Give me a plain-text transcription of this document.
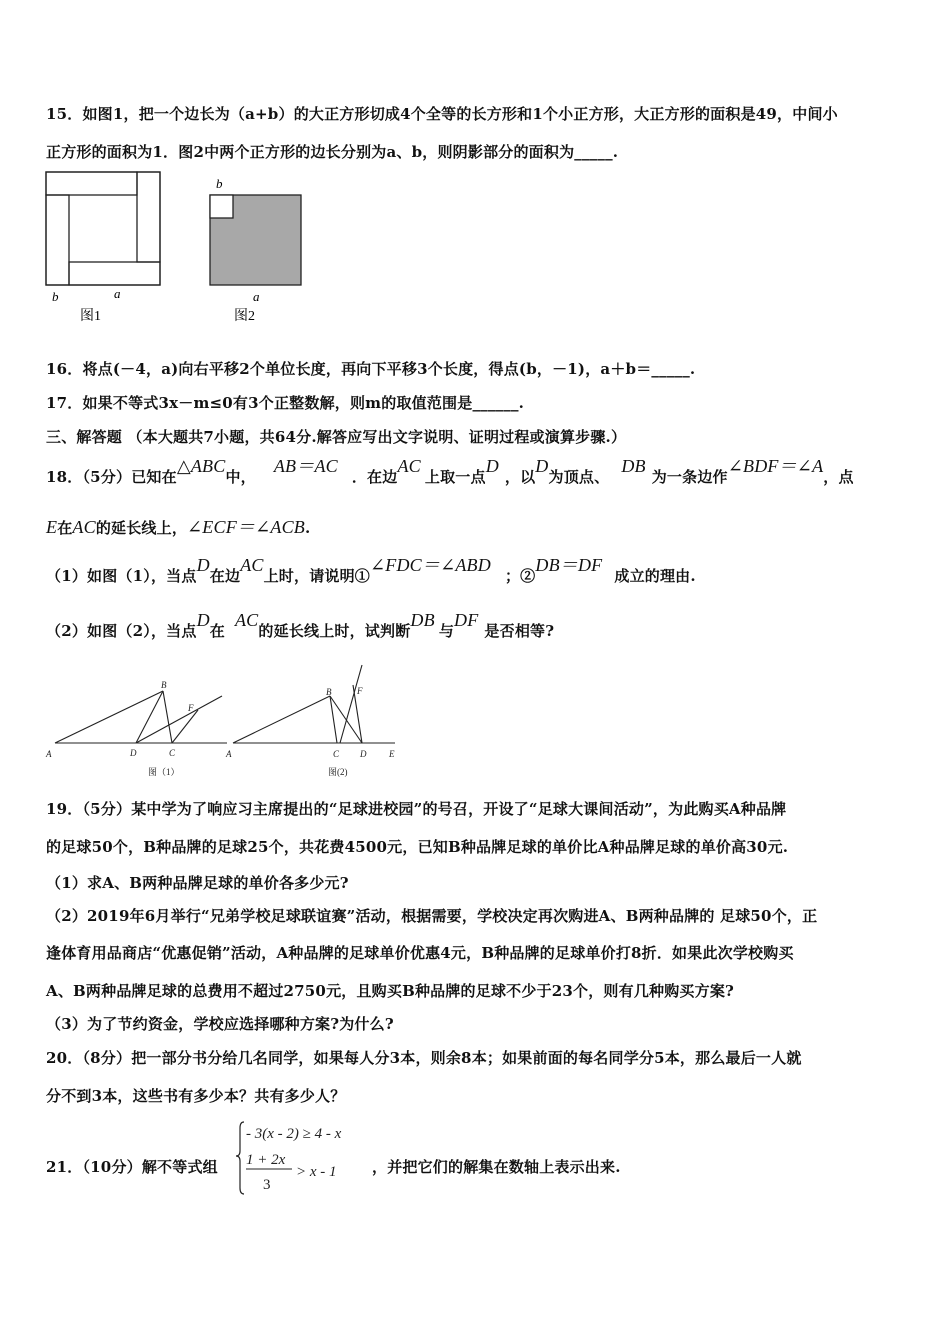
15．如图1，把一个边长为（a+b）的大正方形切成4个全等的长方形和1个小正方形，大正方形的面积是49，中间小
正方形的面积为1．图2中两个正方形的边长分别为a、b，则阴影部分的面积为_____.
b	a
图1
b
a
图2
16．将点(－4，a)向右平移2个单位长度，再向下平移3个长度，得点(b，－1)，a＋b＝_____.
17．如果不等式3x－m≤0有3个正整数解，则m的取值范围是______.
三、解答题 （本大题共7小题，共64分.解答应写出文字说明、证明过程或演算步骤.）
18．（5分）已知在△ABC中，AB＝AC．在边AC上取一点D，以D为顶点、DB为一条边作∠BDF＝∠A，点
E在AC的延长线上，∠ECF＝∠ACB.
（1）如图（1），当点D在边AC上时，请说明①∠FDC＝∠ABD；②DB＝DF成立的理由.
（2）如图（2），当点D在AC的延长线上时，试判断DB与DF是否相等?
A
B
D	C
F
图（1）
A
B
C D	E
F
图(2)
19．（5分）某中学为了响应习主席提出的“足球进校园”的号召，开设了“足球大课间活动”，为此购买A种品牌
的足球50个，B种品牌的足球25个，共花费4500元，已知B种品牌足球的单价比A种品牌足球的单价高30元.
（1）求A、B两种品牌足球的单价各多少元?
（2）2019年6月举行“兄弟学校足球联谊赛”活动，根据需要，学校决定再次购进A、B两种品牌的 足球50个，正
逢体育用品商店“优惠促销”活动，A种品牌的足球单价优惠4元，B种品牌的足球单价打8折．如果此次学校购买
A、B两种品牌足球的总费用不超过2750元，且购买B种品牌的足球不少于23个，则有几种购买方案?
（3）为了节约资金，学校应选择哪种方案?为什么?
20．（8分）把一部分书分给几名同学，如果每人分3本，则余8本；如果前面的每名同学分5本，那么最后一人就
分不到3本，这些书有多少本？共有多少人？
21．（10分）解不等式组
- 3(x - 2) ≥ 4 - x
1 + 2x
3
> x - 1 ，并把它们的解集在数轴上表示出来.
